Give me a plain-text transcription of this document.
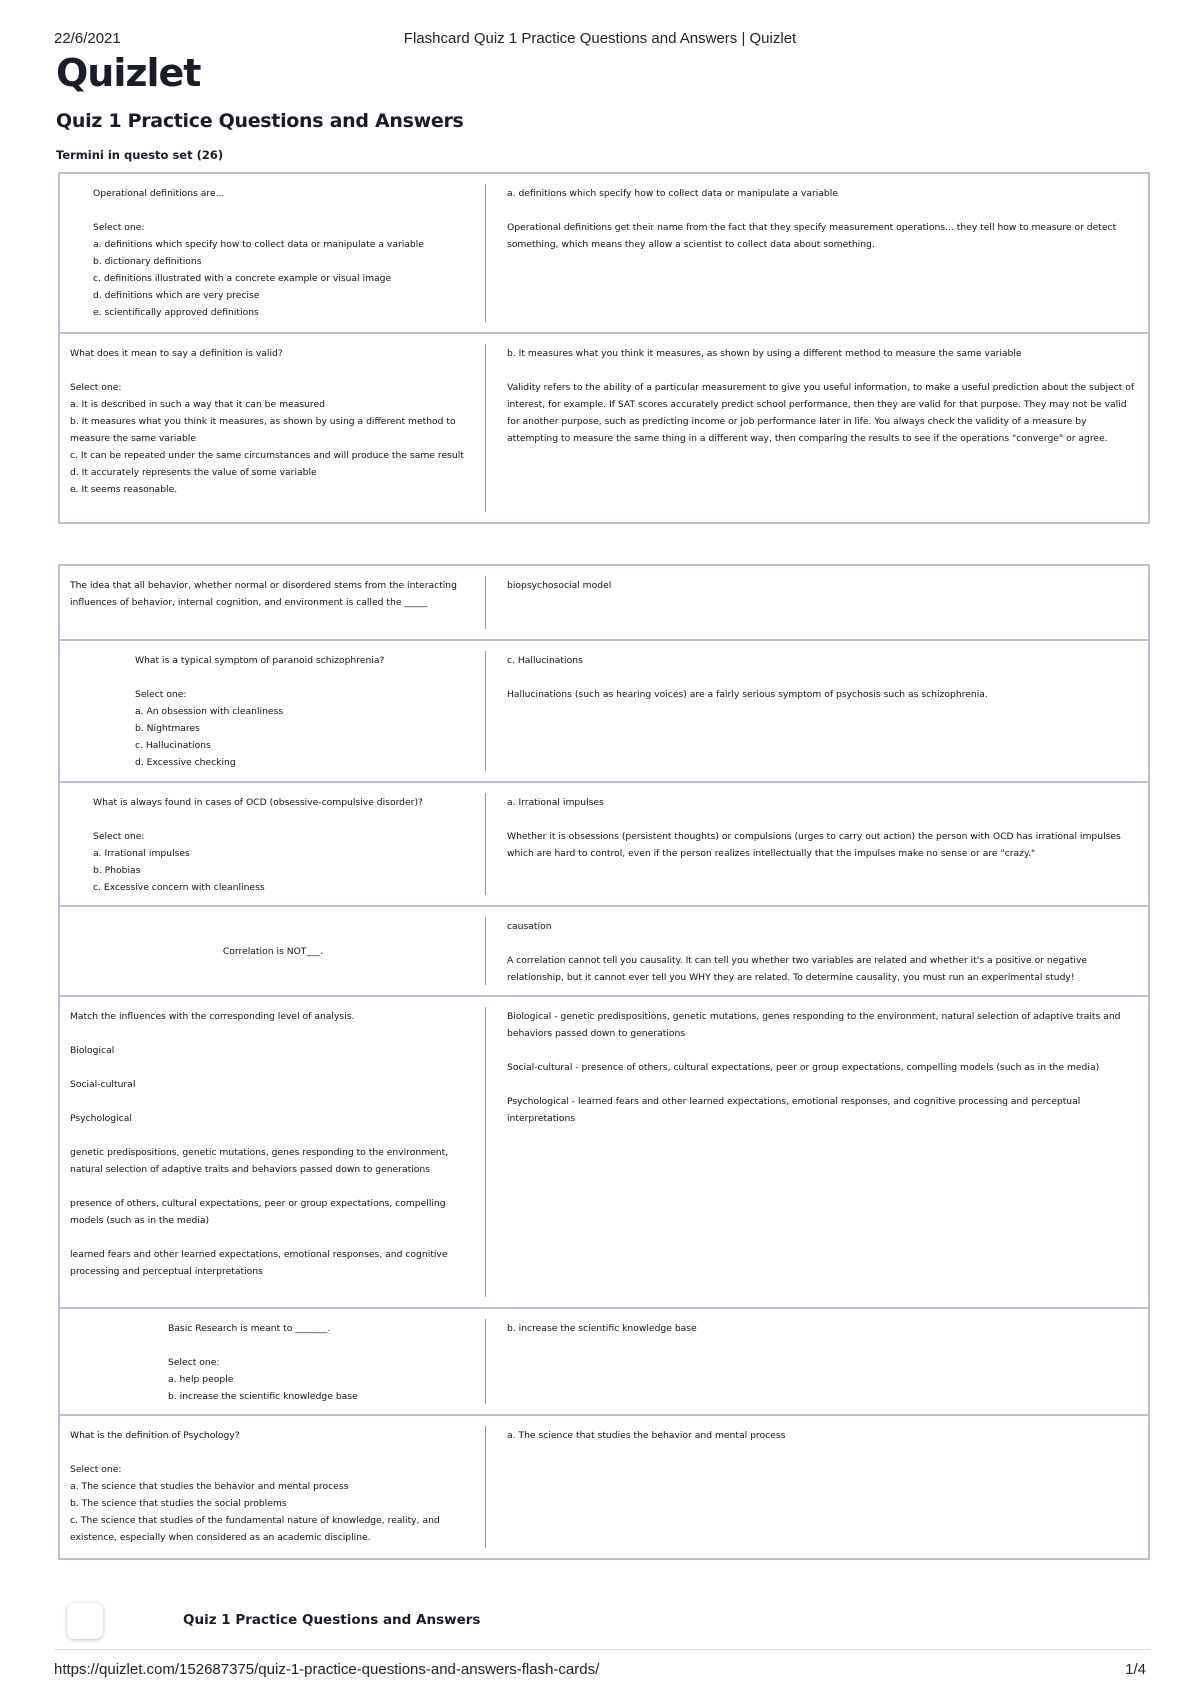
22/6/2021	Flashcard Quiz 1 Practice Questions and Answers | Quizlet
Quizlet
Quiz 1 Practice Questions and Answers
Termini in questo set (26)
Operational definitions are...

Select one:
a. definitions which specify how to collect data or manipulate a variable
b. dictionary definitions
c. definitions illustrated with a concrete example or visual image
d. definitions which are very precise
e. scientifically approved definitions
a. definitions which specify how to collect data or manipulate a variable

Operational definitions get their name from the fact that they specify measurement operations... they tell how to measure or detect something, which means they allow a scientist to collect data about something.
What does it mean to say a definition is valid?

Select one:
a. It is described in such a way that it can be measured
b. It measures what you think it measures, as shown by using a different method to measure the same variable
c. It can be repeated under the same circumstances and will produce the same result
d. It accurately represents the value of some variable
e. It seems reasonable.
b. It measures what you think it measures, as shown by using a different method to measure the same variable

Validity refers to the ability of a particular measurement to give you useful information, to make a useful prediction about the subject of interest, for example. If SAT scores accurately predict school performance, then they are valid for that purpose. They may not be valid for another purpose, such as predicting income or job performance later in life. You always check the validity of a measure by attempting to measure the same thing in a different way, then comparing the results to see if the operations "converge" or agree.
The idea that all behavior, whether normal or disordered stems from the interacting influences of behavior, internal cognition, and environment is called the _____
biopsychosocial model
What is a typical symptom of paranoid schizophrenia?

Select one:
a. An obsession with cleanliness
b. Nightmares
c. Hallucinations
d. Excessive checking
c. Hallucinations

Hallucinations (such as hearing voices) are a fairly serious symptom of psychosis such as schizophrenia.
What is always found in cases of OCD (obsessive-compulsive disorder)?

Select one:
a. Irrational impulses
b. Phobias
c. Excessive concern with cleanliness
a. Irrational impulses

Whether it is obsessions (persistent thoughts) or compulsions (urges to carry out action) the person with OCD has irrational impulses which are hard to control, even if the person realizes intellectually that the impulses make no sense or are "crazy."
Correlation is NOT___.
causation

A correlation cannot tell you causality. It can tell you whether two variables are related and whether it's a positive or negative relationship, but it cannot ever tell you WHY they are related. To determine causality, you must run an experimental study!
Match the influences with the corresponding level of analysis.

Biological

Social-cultural

Psychological

genetic predispositions, genetic mutations, genes responding to the environment, natural selection of adaptive traits and behaviors passed down to generations

presence of others, cultural expectations, peer or group expectations, compelling models (such as in the media)

learned fears and other learned expectations, emotional responses, and cognitive processing and perceptual interpretations
Biological - genetic predispositions, genetic mutations, genes responding to the environment, natural selection of adaptive traits and behaviors passed down to generations

Social-cultural - presence of others, cultural expectations, peer or group expectations, compelling models (such as in the media)

Psychological - learned fears and other learned expectations, emotional responses, and cognitive processing and perceptual interpretations
Basic Research is meant to _______.

Select one:
a. help people
b. increase the scientific knowledge base
b. increase the scientific knowledge base
What is the definition of Psychology?

Select one:
a. The science that studies the behavior and mental process
b. The science that studies the social problems
c. The science that studies of the fundamental nature of knowledge, reality, and existence, especially when considered as an academic discipline.
a. The science that studies the behavior and mental process
Quiz 1 Practice Questions and Answers
https://quizlet.com/152687375/quiz-1-practice-questions-and-answers-flash-cards/	1/4
